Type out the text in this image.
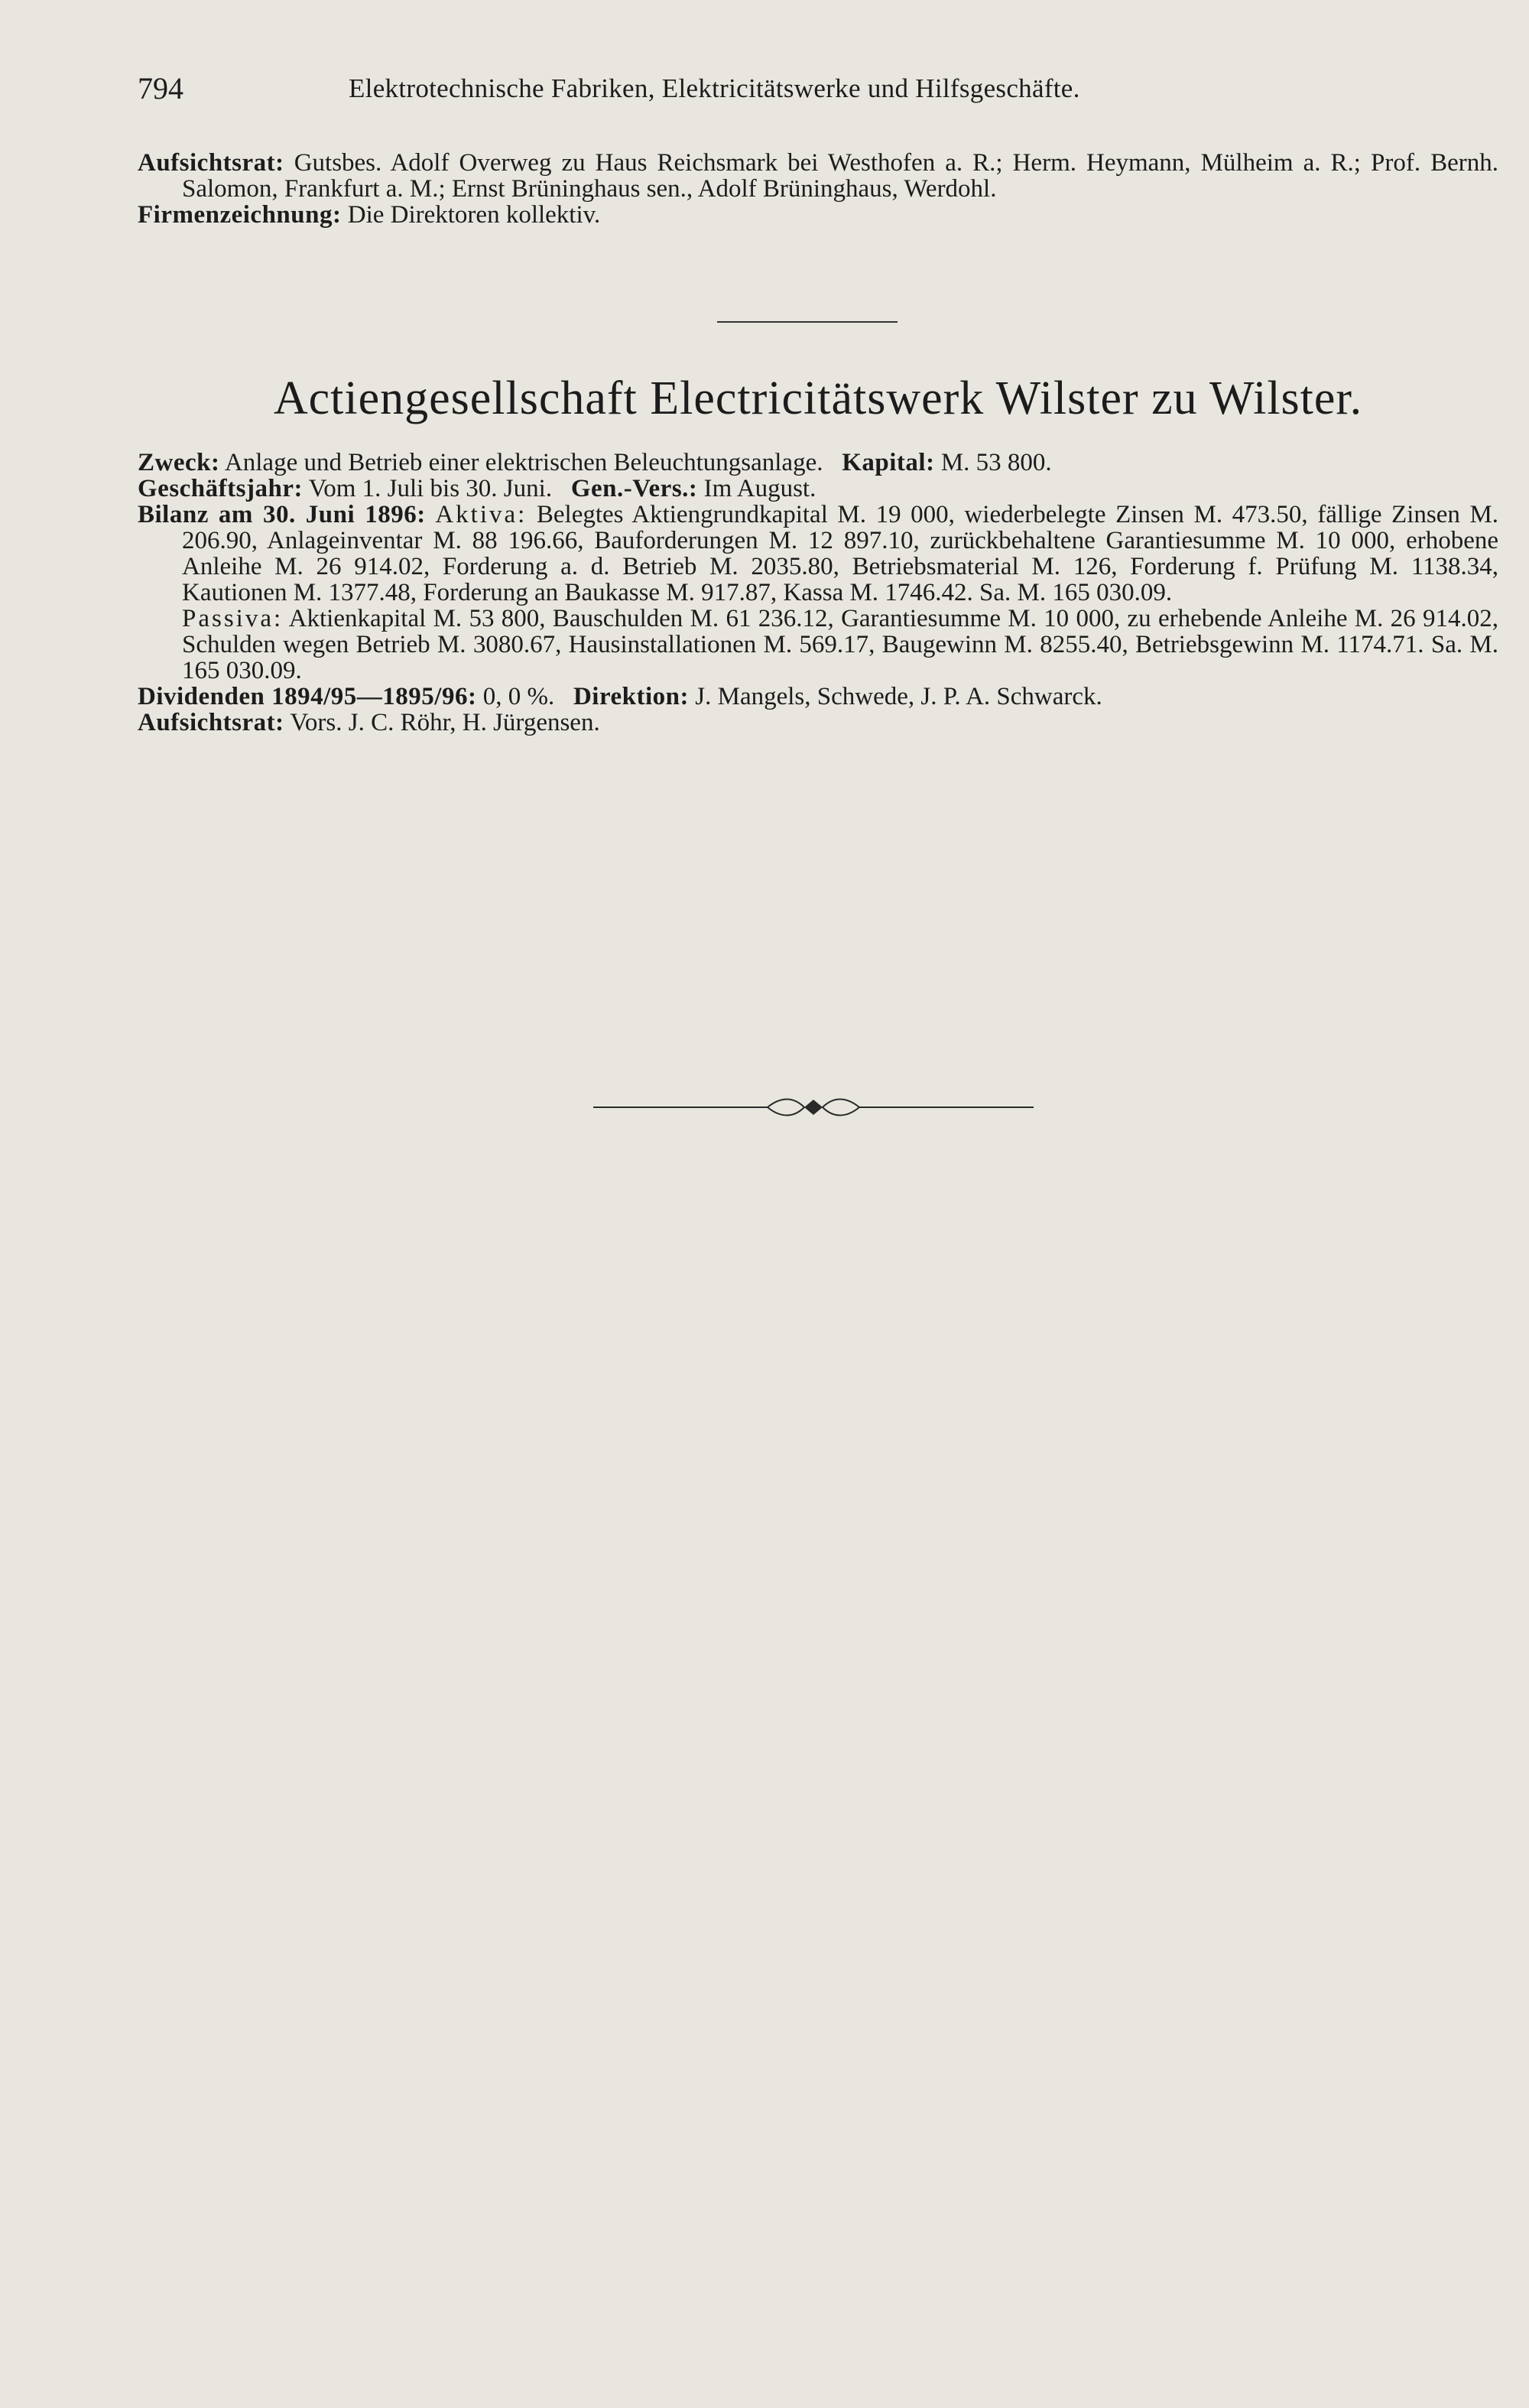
794	Elektrotechnische Fabriken, Elektricitätswerke und Hilfsgeschäfte.

Aufsichtsrat: Gutsbes. Adolf Overweg zu Haus Reichsmark bei Westhofen a. R.; Herm. Heymann, Mülheim a. R.; Prof. Bernh. Salomon, Frankfurt a. M.; Ernst Brüninghaus sen., Adolf Brüninghaus, Werdohl.

Firmenzeichnung: Die Direktoren kollektiv.

Actiengesellschaft Electricitätswerk Wilster zu Wilster.

Zweck: Anlage und Betrieb einer elektrischen Beleuchtungsanlage. Kapital: M. 53 800.

Geschäftsjahr: Vom 1. Juli bis 30. Juni. Gen.-Vers.: Im August.

Bilanz am 30. Juni 1896: Aktiva: Belegtes Aktiengrundkapital M. 19 000, wiederbelegte Zinsen M. 473.50, fällige Zinsen M. 206.90, Anlageinventar M. 88 196.66, Bauforderungen M. 12 897.10, zurückbehaltene Garantiesumme M. 10 000, erhobene Anleihe M. 26 914.02, Forderung a. d. Betrieb M. 2035.80, Betriebsmaterial M. 126, Forderung f. Prüfung M. 1138.34, Kautionen M. 1377.48, Forderung an Baukasse M. 917.87, Kassa M. 1746.42. Sa. M. 165 030.09.
Passiva: Aktienkapital M. 53 800, Bauschulden M. 61 236.12, Garantiesumme M. 10 000, zu erhebende Anleihe M. 26 914.02, Schulden wegen Betrieb M. 3080.67, Hausinstallationen M. 569.17, Baugewinn M. 8255.40, Betriebsgewinn M. 1174.71. Sa. M. 165 030.09.

Dividenden 1894/95—1895/96: 0, 0 %. Direktion: J. Mangels, Schwede, J. P. A. Schwarck.

Aufsichtsrat: Vors. J. C. Röhr, H. Jürgensen.
